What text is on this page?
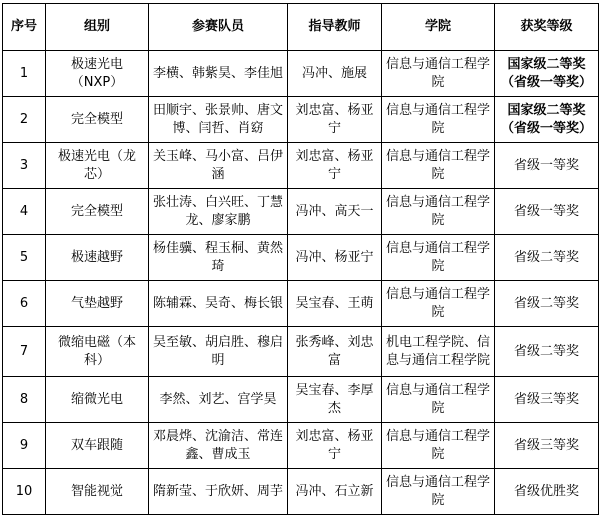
序号	组别	参赛队员	指导教师	学院	获奖等级
1	极速光电（NXP）	李横、韩紫昊、李佳旭	冯冲、施展	信息与通信工程学院	国家级二等奖（省级一等奖）
2	完全模型	田顺宇、张景帅、唐文博、闫哲、肖窈	刘忠富、杨亚宁	信息与通信工程学院	国家级二等奖（省级一等奖）
3	极速光电（龙芯）	关玉峰、马小富、吕伊涵	刘忠富、杨亚宁	信息与通信工程学院	省级一等奖
4	完全模型	张壮涛、白兴旺、丁慧龙、廖家鹏	冯冲、高天一	信息与通信工程学院	省级一等奖
5	极速越野	杨佳骥、程玉桐、黄然琦	冯冲、杨亚宁	信息与通信工程学院	省级二等奖
6	气垫越野	陈辅霖、吴奇、梅长银	吴宝春、王萌	信息与通信工程学院	省级二等奖
7	微缩电磁（本科）	吴至敏、胡启胜、穆启明	张秀峰、刘忠富	机电工程学院、信息与通信工程学院	省级二等奖
8	缩微光电	李然、刘艺、宫学昊	吴宝春、李厚杰	信息与通信工程学院	省级三等奖
9	双车跟随	邓晨烨、沈渝洁、常连鑫、曹成玉	刘忠富、杨亚宁	信息与通信工程学院	省级三等奖
10	智能视觉	隋新莹、于欣妍、周芋	冯冲、石立新	信息与通信工程学院	省级优胜奖
